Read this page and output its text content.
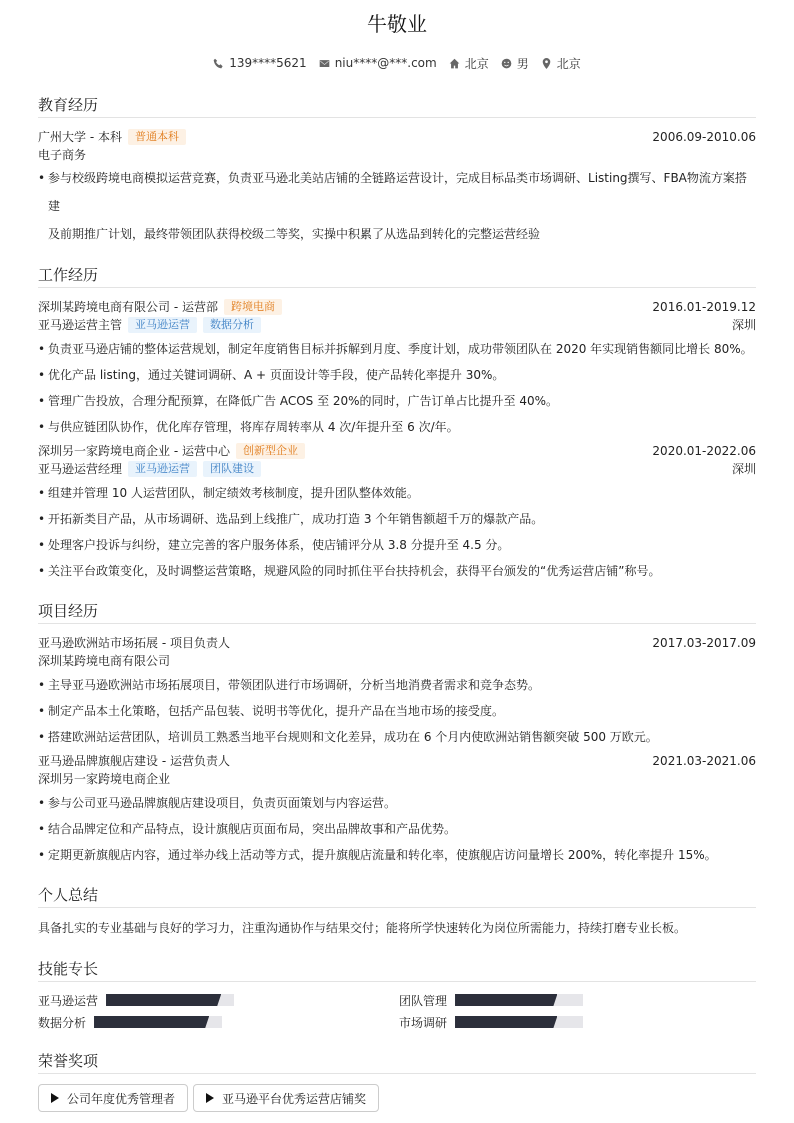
牛敬业
139****5621 niu****@***.com 北京 男 北京
教育经历
广州大学 - 本科	普通本科	2006.09-2010.06
电子商务
• 参与校级跨境电商模拟运营竞赛，负责亚马逊北美站店铺的全链路运营设计，完成目标品类市场调研、Listing撰写、FBA物流方案搭建
及前期推广计划，最终带领团队获得校级二等奖，实操中积累了从选品到转化的完整运营经验
工作经历
深圳某跨境电商有限公司 - 运营部	跨境电商	2016.01-2019.12
亚马逊运营主管	亚马逊运营	数据分析	深圳
• 负责亚马逊店铺的整体运营规划，制定年度销售目标并拆解到月度、季度计划，成功带领团队在 2020 年实现销售额同比增长 80%。
• 优化产品 listing，通过关键词调研、A + 页面设计等手段，使产品转化率提升 30%。
• 管理广告投放，合理分配预算，在降低广告 ACOS 至 20%的同时，广告订单占比提升至 40%。
• 与供应链团队协作，优化库存管理，将库存周转率从 4 次/年提升至 6 次/年。
深圳另一家跨境电商企业 - 运营中心	创新型企业	2020.01-2022.06
亚马逊运营经理	亚马逊运营	团队建设	深圳
• 组建并管理 10 人运营团队，制定绩效考核制度，提升团队整体效能。
• 开拓新类目产品，从市场调研、选品到上线推广，成功打造 3 个年销售额超千万的爆款产品。
• 处理客户投诉与纠纷，建立完善的客户服务体系，使店铺评分从 3.8 分提升至 4.5 分。
• 关注平台政策变化，及时调整运营策略，规避风险的同时抓住平台扶持机会，获得平台颁发的“优秀运营店铺”称号。
项目经历
亚马逊欧洲站市场拓展 - 项目负责人	2017.03-2017.09
深圳某跨境电商有限公司
• 主导亚马逊欧洲站市场拓展项目，带领团队进行市场调研，分析当地消费者需求和竞争态势。
• 制定产品本土化策略，包括产品包装、说明书等优化，提升产品在当地市场的接受度。
• 搭建欧洲站运营团队，培训员工熟悉当地平台规则和文化差异，成功在 6 个月内使欧洲站销售额突破 500 万欧元。
亚马逊品牌旗舰店建设 - 运营负责人	2021.03-2021.06
深圳另一家跨境电商企业
• 参与公司亚马逊品牌旗舰店建设项目，负责页面策划与内容运营。
• 结合品牌定位和产品特点，设计旗舰店页面布局，突出品牌故事和产品优势。
• 定期更新旗舰店内容，通过举办线上活动等方式，提升旗舰店流量和转化率，使旗舰店访问量增长 200%，转化率提升 15%。
个人总结
具备扎实的专业基础与良好的学习力，注重沟通协作与结果交付；能将所学快速转化为岗位所需能力，持续打磨专业长板。
技能专长
亚马逊运营	团队管理
数据分析	市场调研
荣誉奖项
公司年度优秀管理者	亚马逊平台优秀运营店铺奖
